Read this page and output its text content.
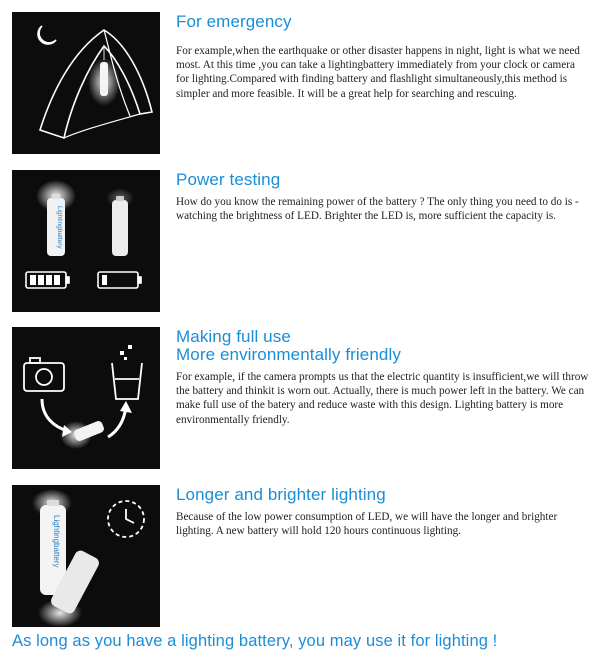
For emergency
For example,when the earthquake or other disaster happens in night, light is what we need most. At this time ,you can take a lightingbattery immediately from your clock or camera for lighting.Compared with finding battery and flashlight simultaneously,this method is simpler and more feasible. It will be a great help for searching and rescuing.
Lightingbattery
Power testing
How do you know the remaining power of the battery ? The only thing you need to do is - watching the brightness of LED. Brighter the LED is, more sufficient the capacity is.
Making full use
More environmentally friendly
For example, if the camera prompts us that the electric quantity is insufficient,we will throw the battery and thinkit is worn out. Actually, there is much power left in the battery. We can make full use of the batery and reduce waste with this design. Lighting battery is more environmentally friendly.
Lightingbattery
Longer and brighter lighting
Because of the low power consumption of LED, we will have the longer and brighter lighting. A new battery will hold 120 hours continuous lighting.
As long as you have a lighting battery, you may use it for lighting !
